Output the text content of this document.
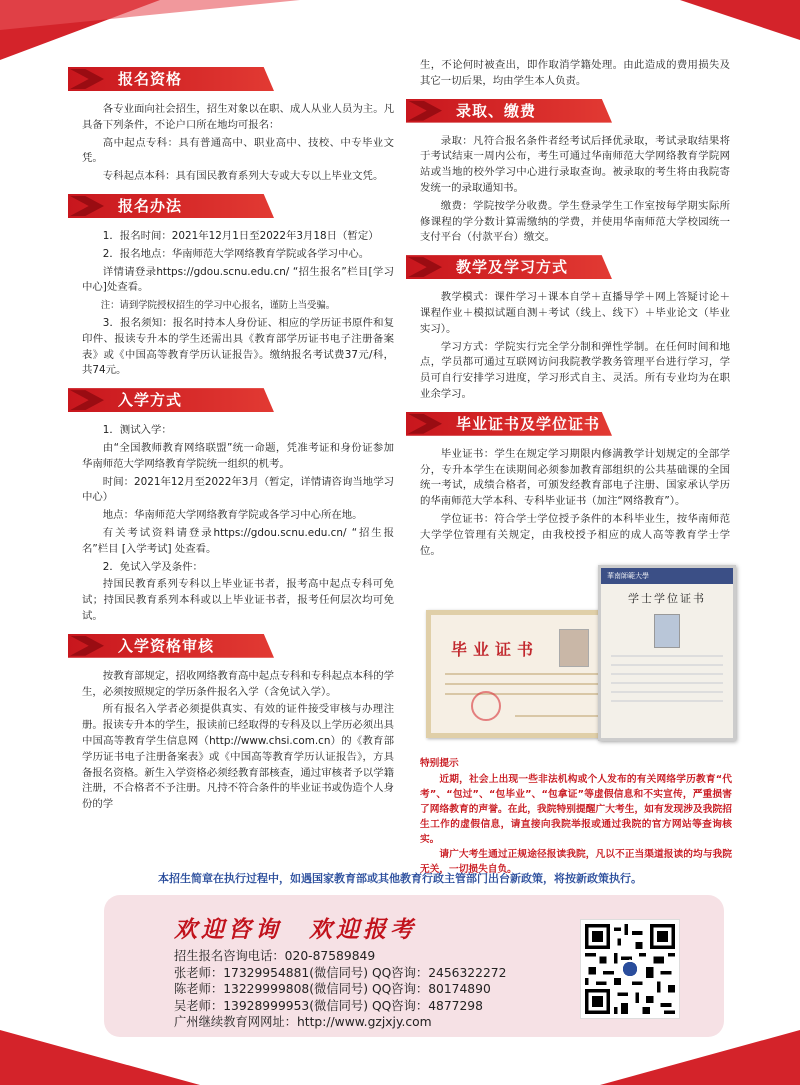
报名资格

各专业面向社会招生，招生对象以在职、成人从业人员为主。凡具备下列条件，不论户口所在地均可报名：

高中起点专科：具有普通高中、职业高中、技校、中专毕业文凭。

专科起点本科：具有国民教育系列大专或大专以上毕业文凭。

报名办法

1．报名时间：2021年12月1日至2022年3月18日（暂定）

2．报名地点：华南师范大学网络教育学院或各学习中心。

详情请登录https://gdou.scnu.edu.cn/ “招生报名”栏目[学习中心]处查看。

注：请到学院授权招生的学习中心报名，谨防上当受骗。

3．报名须知：报名时持本人身份证、相应的学历证书原件和复印件、报读专升本的学生还需出具《教育部学历证书电子注册备案表》或《中国高等教育学历认证报告》。缴纳报名考试费37元/科，共74元。

入学方式

1．测试入学：

由“全国教师教育网络联盟”统一命题，凭准考证和身份证参加华南师范大学网络教育学院统一组织的机考。

时间：2021年12月至2022年3月（暂定，详情请咨询当地学习中心）

地点：华南师范大学网络教育学院或各学习中心所在地。

有关考试资料请登录https://gdou.scnu.edu.cn/ “招生报名”栏目 [入学考试] 处查看。

2．免试入学及条件：

持国民教育系列专科以上毕业证书者，报考高中起点专科可免试；持国民教育系列本科或以上毕业证书者，报考任何层次均可免试。

入学资格审核

按教育部规定，招收网络教育高中起点专科和专科起点本科的学生，必须按照规定的学历条件报名入学（含免试入学）。

所有报名入学者必须提供真实、有效的证件接受审核与办理注册。报读专升本的学生，报读前已经取得的专科及以上学历必须出具中国高等教育学生信息网（http://www.chsi.com.cn）的《教育部学历证书电子注册备案表》或《中国高等教育学历认证报告》，方具备报名资格。新生入学资格必须经教育部核查，通过审核者予以学籍注册，不合格者不予注册。凡持不符合条件的毕业证书或伪造个人身份的学

生，不论何时被查出，即作取消学籍处理。由此造成的费用损失及其它一切后果，均由学生本人负责。

录取、缴费

录取：凡符合报名条件者经考试后择优录取，考试录取结果将于考试结束一周内公布，考生可通过华南师范大学网络教育学院网站或当地的校外学习中心进行录取查询。被录取的考生将由我院寄发统一的录取通知书。

缴费：学院按学分收费。学生登录学生工作室按每学期实际所修课程的学分数计算需缴纳的学费，并使用华南师范大学校园统一支付平台（付款平台）缴交。

教学及学习方式

教学模式：课件学习＋课本自学＋直播导学＋网上答疑讨论＋课程作业＋模拟试题自测＋考试（线上、线下）＋毕业论文（毕业实习）。

学习方式：学院实行完全学分制和弹性学制。在任何时间和地点，学员都可通过互联网访问我院教学教务管理平台进行学习，学员可自行安排学习进度，学习形式自主、灵活。所有专业均为在职业余学习。

毕业证书及学位证书

毕业证书：学生在规定学习期限内修满教学计划规定的全部学分，专升本学生在读期间必须参加教育部组织的公共基础课的全国统一考试，成绩合格者，可颁发经教育部电子注册、国家承认学历的华南师范大学本科、专科毕业证书（加注“网络教育”）。

学位证书：符合学士学位授予条件的本科毕业生，按华南师范大学学位管理有关规定，由我校授予相应的成人高等教育学士学位。

毕业证书
華南師範大學
学士学位证书
特别提示

近期，社会上出现一些非法机构或个人发布的有关网络学历教育“代考”、“包过”、“包毕业”、“包拿证”等虚假信息和不实宣传，严重损害了网络教育的声誉。在此，我院特别提醒广大考生，如有发现涉及我院招生工作的虚假信息，请直接向我院举报或通过我院的官方网站等查询核实。

请广大考生通过正规途径报读我院，凡以不正当渠道报读的均与我院无关，一切损失自负。

本招生简章在执行过程中，如遇国家教育部或其他教育行政主管部门出台新政策，将按新政策执行。
欢迎咨询　欢迎报考
招生报名咨询电话：020-87589849
张老师：17329954881(微信同号) QQ咨询：2456322272
陈老师：13229999808(微信同号) QQ咨询：80174890
吴老师：13928999953(微信同号) QQ咨询：4877298
广州继续教育网网址：http://www.gzjxjy.com
